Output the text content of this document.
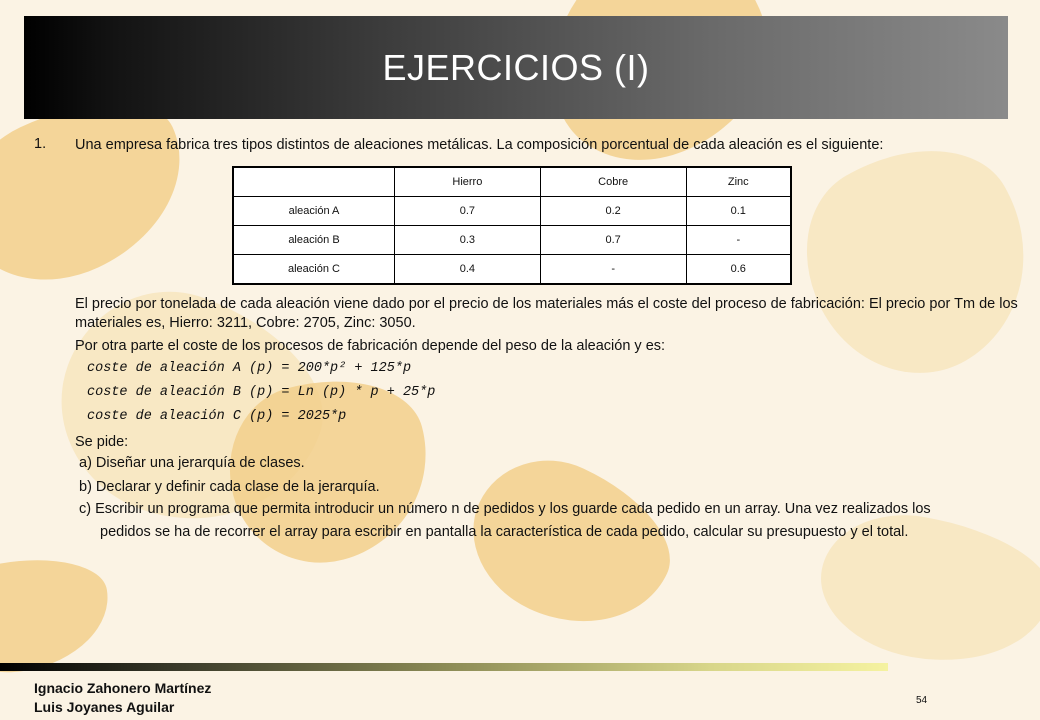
EJERCICIOS (I)
1. Una empresa fabrica tres tipos distintos de aleaciones metálicas. La composición porcentual de cada aleación es el siguiente:
	Hierro	Cobre	Zinc
aleación A	0.7	0.2	0.1
aleación B	0.3	0.7	-
aleación C	0.4	-	0.6
El precio por tonelada de cada aleación viene dado por el precio de los materiales más el coste del proceso de fabricación: El precio por Tm de los materiales es, Hierro: 3211, Cobre: 2705, Zinc: 3050.
Por otra parte el coste de los procesos de fabricación depende del peso de la aleación y es:
coste de aleación A (p) = 200*p² + 125*p
coste de aleación B (p) = Ln (p) * p + 25*p
coste de aleación C (p) = 2025*p
Se pide:
a) Diseñar una jerarquía de clases.
b) Declarar y definir cada clase de la jerarquía.
c) Escribir un programa que permita introducir un número n de pedidos y los guarde cada pedido en un array. Una vez realizados los
pedidos se ha de recorrer el array para escribir en pantalla la característica de cada pedido, calcular su presupuesto y el total.
Ignacio Zahonero Martínez
Luis Joyanes Aguilar	54
